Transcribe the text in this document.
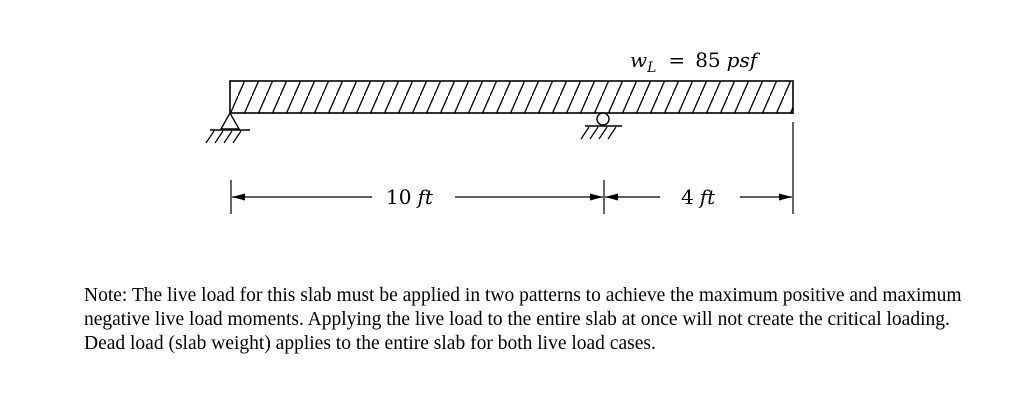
$w_L = 85$ psf
10 ft	4 ft

Note: The live load for this slab must be applied in two patterns to achieve the maximum positive and maximum negative live load moments. Applying the live load to the entire slab at once will not create the critical loading. Dead load (slab weight) applies to the entire slab for both live load cases.
